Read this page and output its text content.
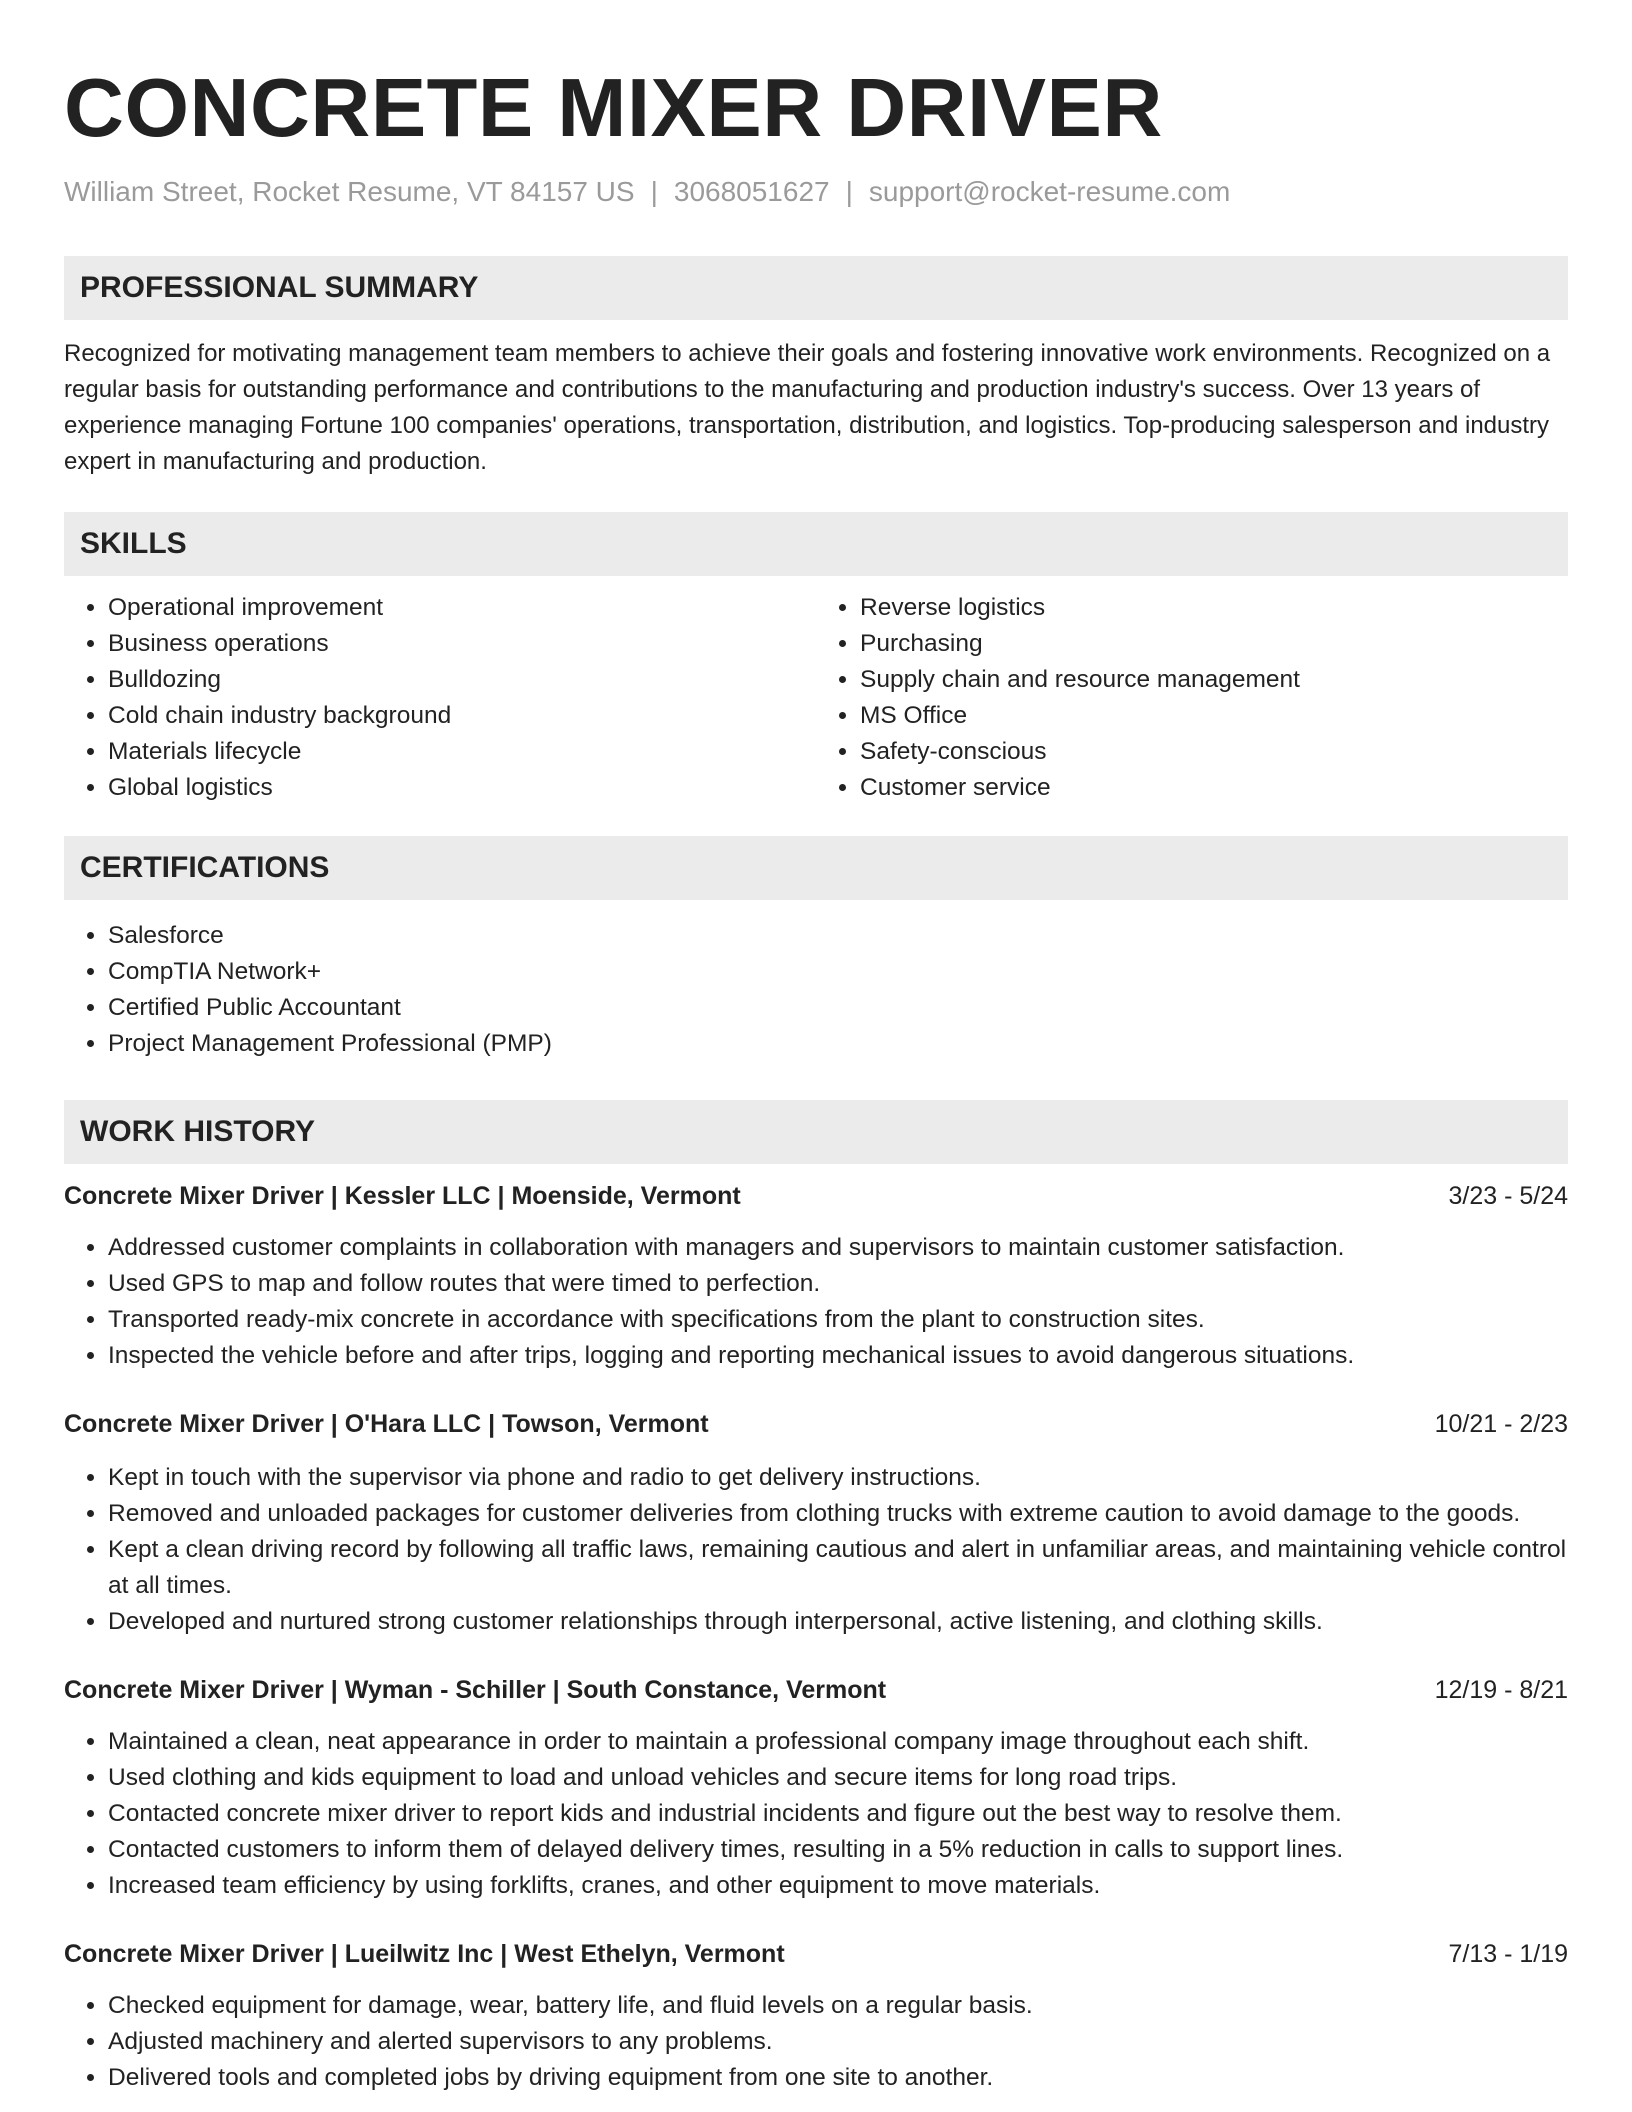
CONCRETE MIXER DRIVER
William Street, Rocket Resume, VT 84157 US | 3068051627 | support@rocket-resume.com
PROFESSIONAL SUMMARY

Recognized for motivating management team members to achieve their goals and fostering innovative work environments. Recognized on a regular basis for outstanding performance and contributions to the manufacturing and production industry's success. Over 13 years of experience managing Fortune 100 companies' operations, transportation, distribution, and logistics. Top-producing salesperson and industry expert in manufacturing and production.

SKILLS
• Operational improvement
• Business operations
• Bulldozing
• Cold chain industry background
• Materials lifecycle
• Global logistics
• Reverse logistics
• Purchasing
• Supply chain and resource management
• MS Office
• Safety-conscious
• Customer service
CERTIFICATIONS
• Salesforce
• CompTIA Network+
• Certified Public Accountant
• Project Management Professional (PMP)
WORK HISTORY
Concrete Mixer Driver | Kessler LLC | Moenside, Vermont	3/23 - 5/24
• Addressed customer complaints in collaboration with managers and supervisors to maintain customer satisfaction.
• Used GPS to map and follow routes that were timed to perfection.
• Transported ready-mix concrete in accordance with specifications from the plant to construction sites.
• Inspected the vehicle before and after trips, logging and reporting mechanical issues to avoid dangerous situations.
Concrete Mixer Driver | O'Hara LLC | Towson, Vermont	10/21 - 2/23
• Kept in touch with the supervisor via phone and radio to get delivery instructions.
• Removed and unloaded packages for customer deliveries from clothing trucks with extreme caution to avoid damage to the goods.
• Kept a clean driving record by following all traffic laws, remaining cautious and alert in unfamiliar areas, and maintaining vehicle control at all times.
• Developed and nurtured strong customer relationships through interpersonal, active listening, and clothing skills.
Concrete Mixer Driver | Wyman - Schiller | South Constance, Vermont	12/19 - 8/21
• Maintained a clean, neat appearance in order to maintain a professional company image throughout each shift.
• Used clothing and kids equipment to load and unload vehicles and secure items for long road trips.
• Contacted concrete mixer driver to report kids and industrial incidents and figure out the best way to resolve them.
• Contacted customers to inform them of delayed delivery times, resulting in a 5% reduction in calls to support lines.
• Increased team efficiency by using forklifts, cranes, and other equipment to move materials.
Concrete Mixer Driver | Lueilwitz Inc | West Ethelyn, Vermont	7/13 - 1/19
• Checked equipment for damage, wear, battery life, and fluid levels on a regular basis.
• Adjusted machinery and alerted supervisors to any problems.
• Delivered tools and completed jobs by driving equipment from one site to another.
